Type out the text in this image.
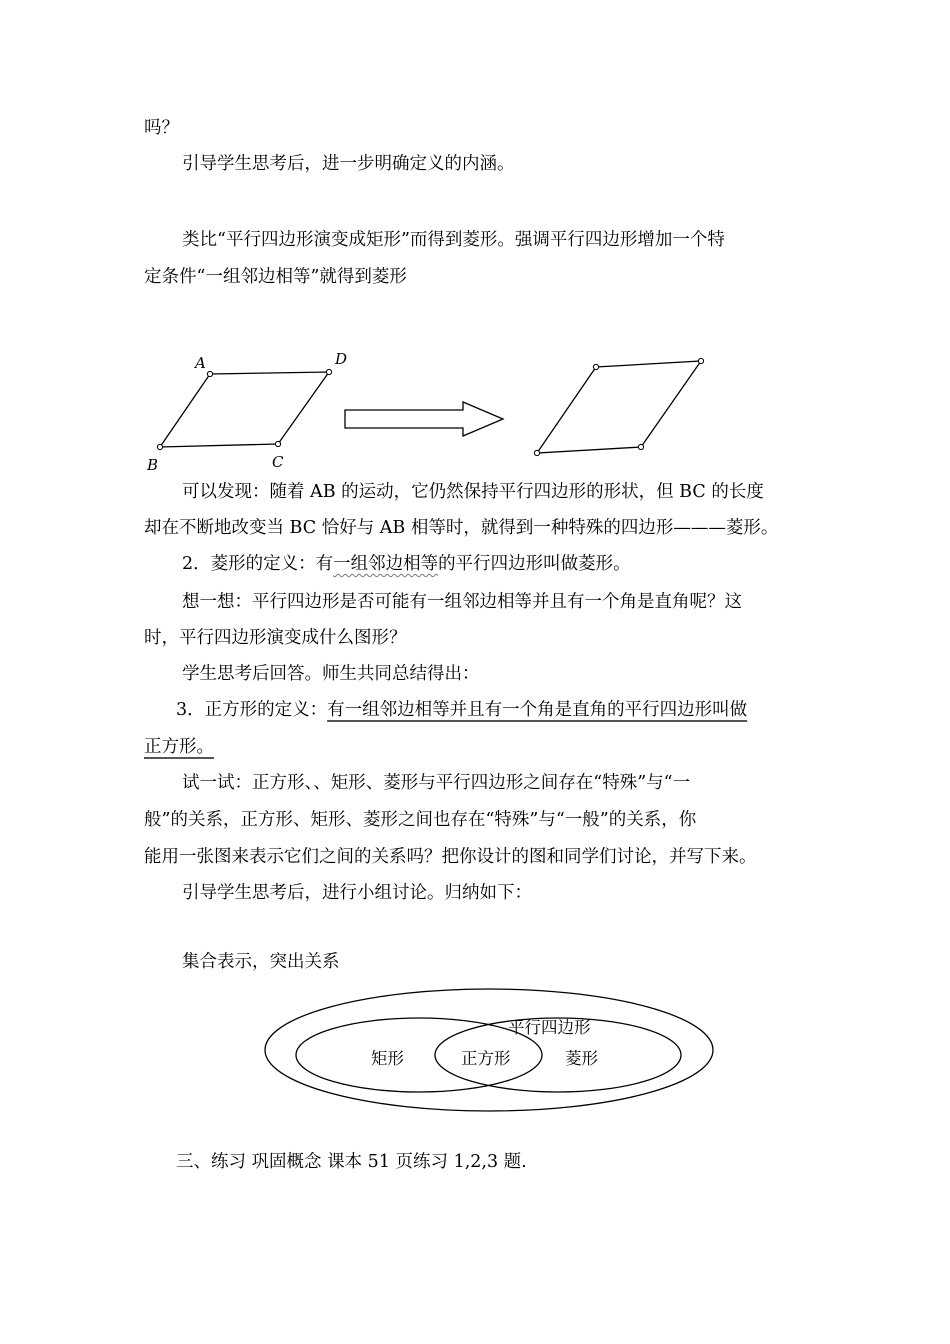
吗？
引导学生思考后，进一步明确定义的内涵。
类比“平行四边形演变成矩形”而得到菱形。强调平行四边形增加一个特
定条件“一组邻边相等”就得到菱形
A	D
B	C
可以发现：随着 AB 的运动，它仍然保持平行四边形的形状，但 BC 的长度
却在不断地改变当 BC 恰好与 AB 相等时，就得到一种特殊的四边形———菱形。
2．菱形的定义：有一组邻边相等的平行四边形叫做菱形。
想一想：平行四边形是否可能有一组邻边相等并且有一个角是直角呢？这
时，平行四边形演变成什么图形？
学生思考后回答。师生共同总结得出：
3．正方形的定义：有一组邻边相等并且有一个角是直角的平行四边形叫做
正方形。
试一试：正方形、、矩形、菱形与平行四边形之间存在“特殊”与“一
般”的关系，正方形、矩形、菱形之间也存在“特殊”与“一般”的关系，你
能用一张图来表示它们之间的关系吗？把你设计的图和同学们讨论，并写下来。
引导学生思考后，进行小组讨论。归纳如下：
集合表示，突出关系
平行四边形
矩形	正方形	菱形
三、练习 巩固概念 课本 51 页练习 1,2,3 题.
